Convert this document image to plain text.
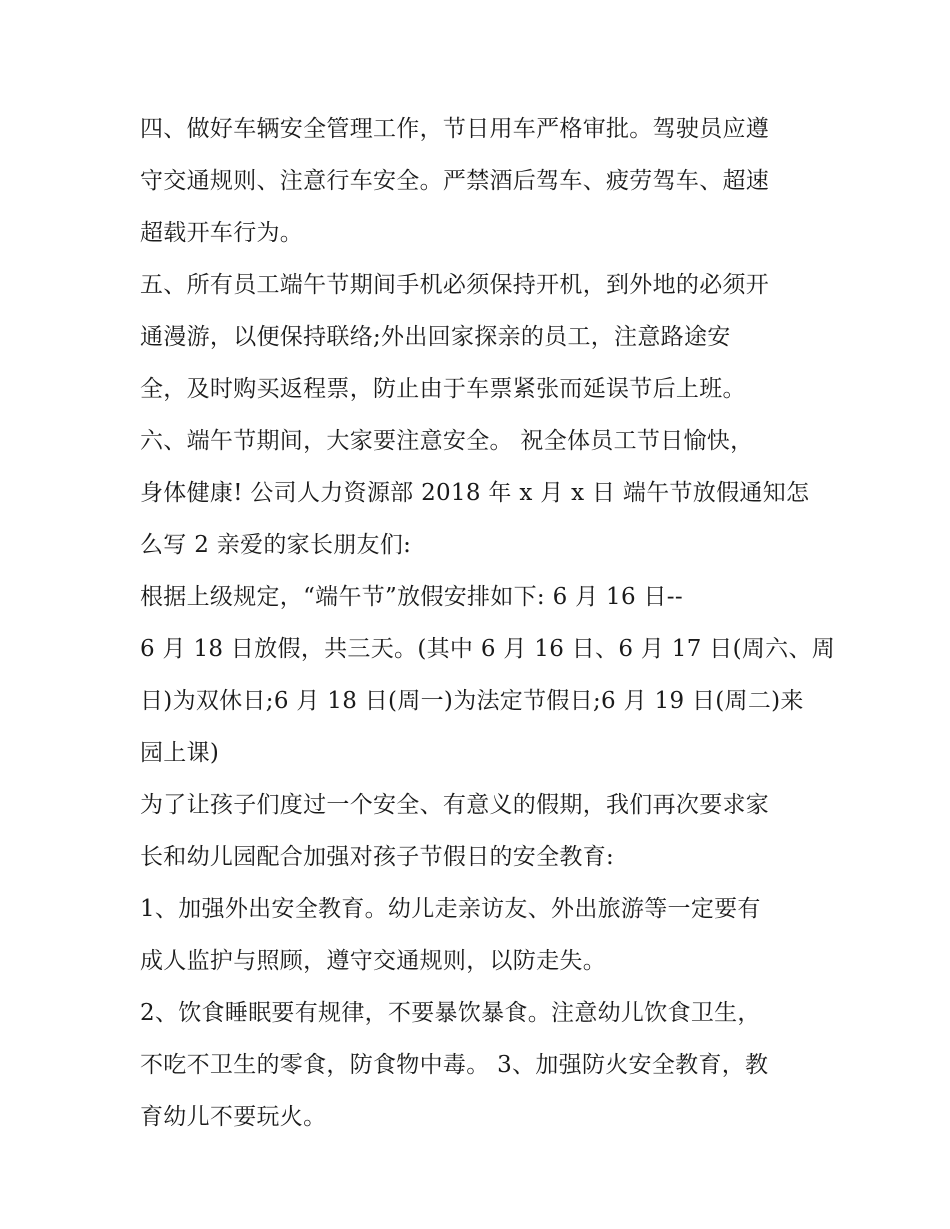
四、做好车辆安全管理工作，节日用车严格审批。驾驶员应遵
守交通规则、注意行车安全。严禁酒后驾车、疲劳驾车、超速
超载开车行为。
五、所有员工端午节期间手机必须保持开机，到外地的必须开
通漫游，以便保持联络;外出回家探亲的员工，注意路途安
全，及时购买返程票，防止由于车票紧张而延误节后上班。
六、端午节期间，大家要注意安全。 祝全体员工节日愉快，
身体健康! 公司人力资源部 2018 年 x 月 x 日 端午节放假通知怎
么写 2 亲爱的家长朋友们:
根据上级规定，“端午节”放假安排如下: 6 月 16 日--
6 月 18 日放假，共三天。(其中 6 月 16 日、6 月 17 日(周六、周
日)为双休日;6 月 18 日(周一)为法定节假日;6 月 19 日(周二)来
园上课)
为了让孩子们度过一个安全、有意义的假期，我们再次要求家
长和幼儿园配合加强对孩子节假日的安全教育:
1、加强外出安全教育。幼儿走亲访友、外出旅游等一定要有
成人监护与照顾，遵守交通规则，以防走失。
2、饮食睡眠要有规律，不要暴饮暴食。注意幼儿饮食卫生，
不吃不卫生的零食，防食物中毒。 3、加强防火安全教育，教
育幼儿不要玩火。
